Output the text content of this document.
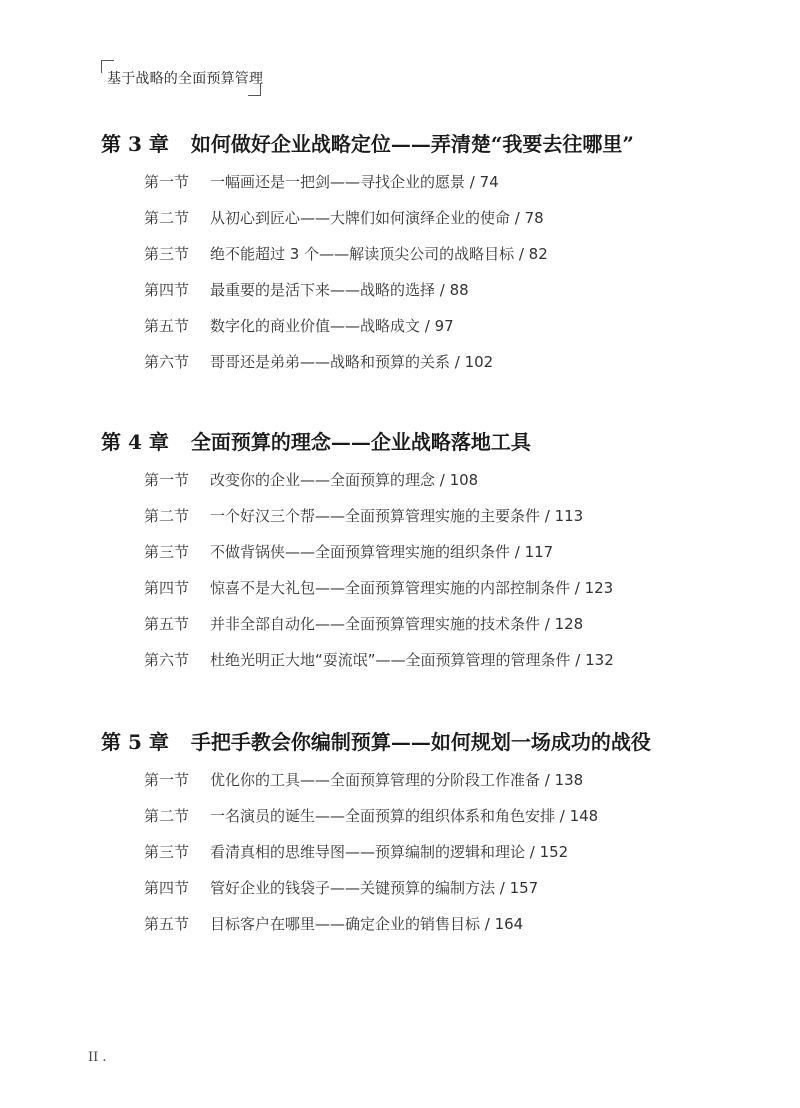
基于战略的全面预算管理
第 3 章 如何做好企业战略定位——弄清楚“我要去往哪里”
第一节 一幅画还是一把剑——寻找企业的愿景 / 74
第二节 从初心到匠心——大牌们如何演绎企业的使命 / 78
第三节 绝不能超过 3 个——解读顶尖公司的战略目标 / 82
第四节 最重要的是活下来——战略的选择 / 88
第五节 数字化的商业价值——战略成文 / 97
第六节 哥哥还是弟弟——战略和预算的关系 / 102
第 4 章 全面预算的理念——企业战略落地工具
第一节 改变你的企业——全面预算的理念 / 108
第二节 一个好汉三个帮——全面预算管理实施的主要条件 / 113
第三节 不做背锅侠——全面预算管理实施的组织条件 / 117
第四节 惊喜不是大礼包——全面预算管理实施的内部控制条件 / 123
第五节 并非全部自动化——全面预算管理实施的技术条件 / 128
第六节 杜绝光明正大地“耍流氓”——全面预算管理的管理条件 / 132
第 5 章 手把手教会你编制预算——如何规划一场成功的战役
第一节 优化你的工具——全面预算管理的分阶段工作准备 / 138
第二节 一名演员的诞生——全面预算的组织体系和角色安排 / 148
第三节 看清真相的思维导图——预算编制的逻辑和理论 / 152
第四节 管好企业的钱袋子——关键预算的编制方法 / 157
第五节 目标客户在哪里——确定企业的销售目标 / 164
II .
